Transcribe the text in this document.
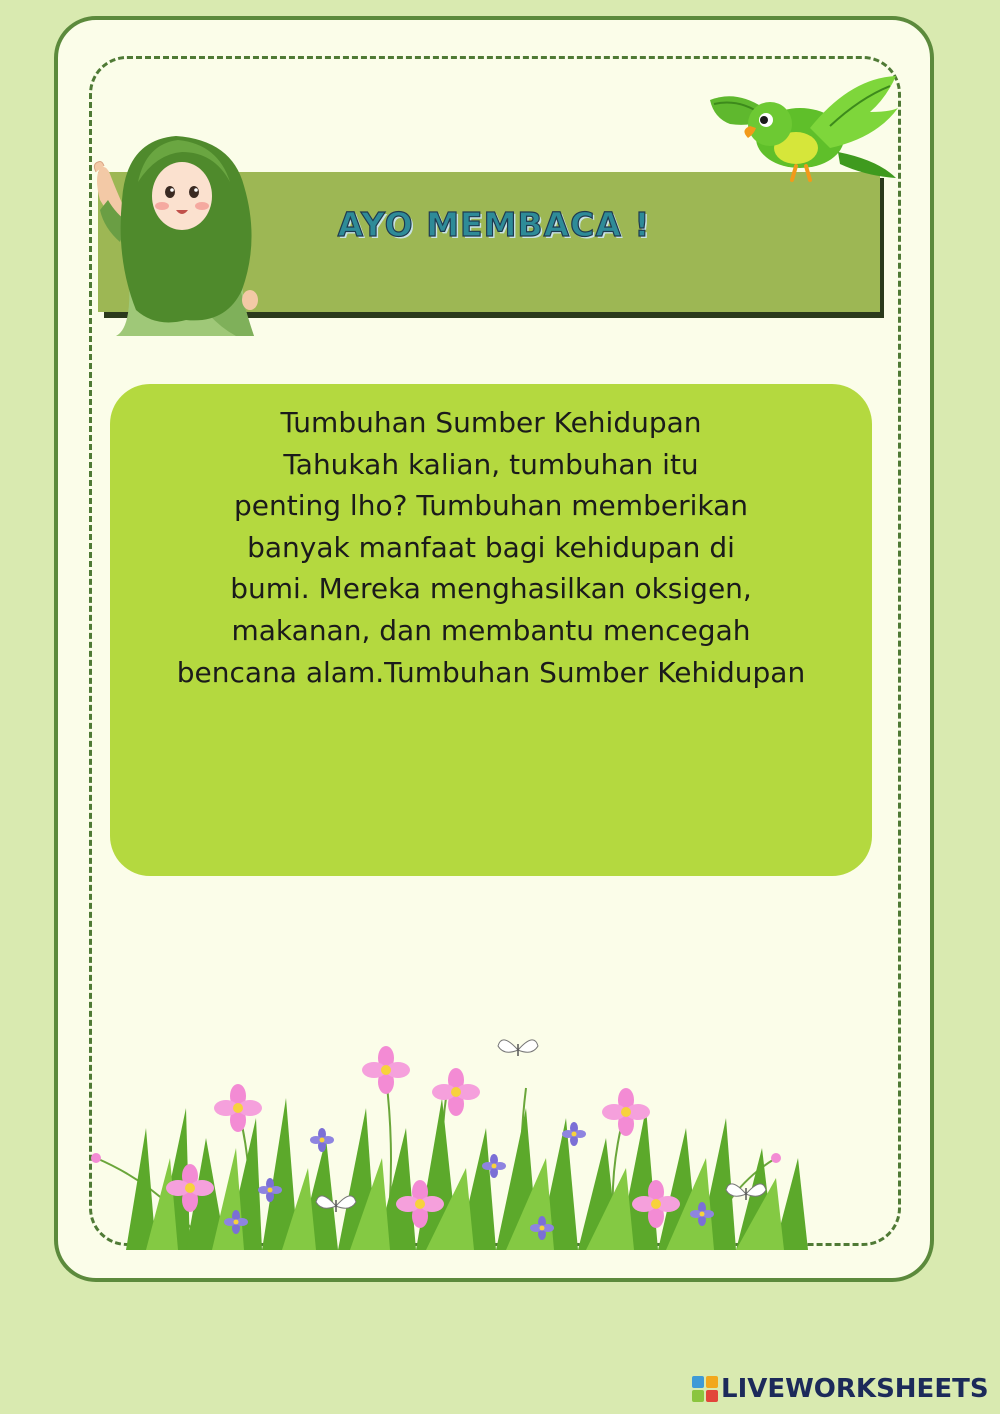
AYO MEMBACA !
Tumbuhan Sumber Kehidupan
Tahukah kalian, tumbuhan itu
penting lho? Tumbuhan memberikan
banyak manfaat bagi kehidupan di
bumi. Mereka menghasilkan oksigen,
makanan, dan membantu mencegah
bencana alam.Tumbuhan Sumber Kehidupan
LIVEWORKSHEETS
